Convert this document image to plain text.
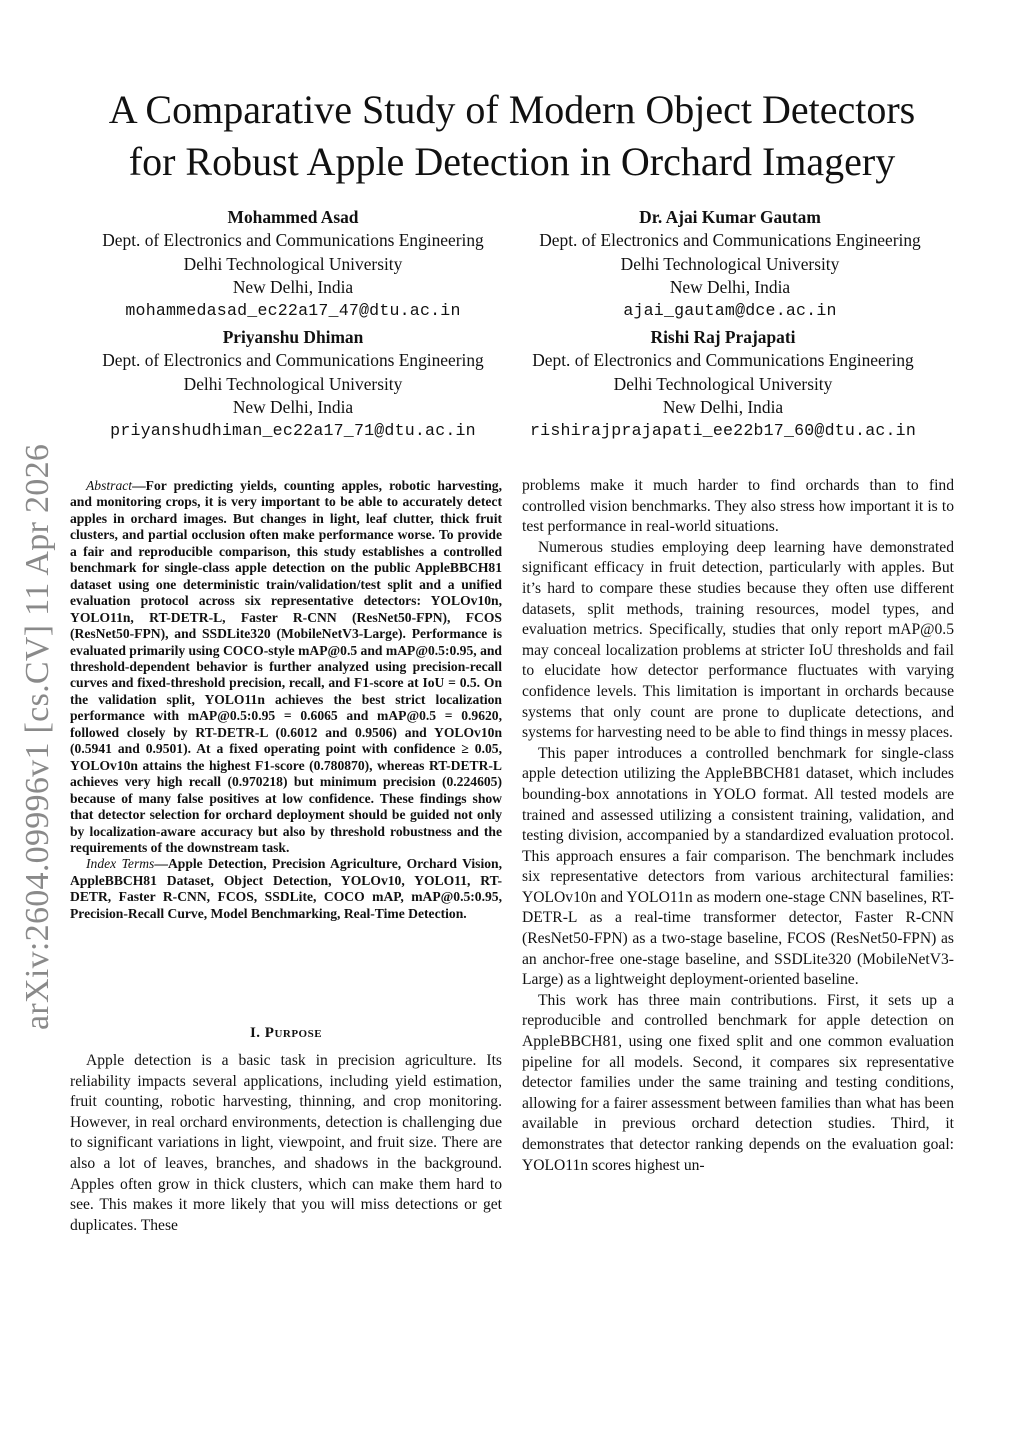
A Comparative Study of Modern Object Detectors
for Robust Apple Detection in Orchard Imagery
Mohammed Asad
Dept. of Electronics and Communications Engineering
Delhi Technological University
New Delhi, India
mohammedasad_ec22a17_47@dtu.ac.in
Dr. Ajai Kumar Gautam
Dept. of Electronics and Communications Engineering
Delhi Technological University
New Delhi, India
ajai_gautam@dce.ac.in
Priyanshu Dhiman
Dept. of Electronics and Communications Engineering
Delhi Technological University
New Delhi, India
priyanshudhiman_ec22a17_71@dtu.ac.in
Rishi Raj Prajapati
Dept. of Electronics and Communications Engineering
Delhi Technological University
New Delhi, India
rishirajprajapati_ee22b17_60@dtu.ac.in
arXiv:2604.09996v1 [cs.CV] 11 Apr 2026	Abstract—For predicting yields, counting apples, robotic harvesting, and monitoring crops, it is very important to be able to accurately detect apples in orchard images. But changes in light, leaf clutter, thick fruit clusters, and partial occlusion often make performance worse. To provide a fair and reproducible comparison, this study establishes a controlled benchmark for single-class apple detection on the public AppleBBCH81 dataset using one deterministic train/validation/test split and a unified evaluation protocol across six representative detectors: YOLOv10n, YOLO11n, RT-DETR-L, Faster R-CNN (ResNet50-FPN), FCOS (ResNet50-FPN), and SSDLite320 (MobileNetV3-Large). Performance is evaluated primarily using COCO-style mAP@0.5 and mAP@0.5:0.95, and threshold-dependent behavior is further analyzed using precision-recall curves and fixed-threshold precision, recall, and F1-score at IoU = 0.5. On the validation split, YOLO11n achieves the best strict localization performance with mAP@0.5:0.95 = 0.6065 and mAP@0.5 = 0.9620, followed closely by RT-DETR-L (0.6012 and 0.9506) and YOLOv10n (0.5941 and 0.9501). At a fixed operating point with confidence ≥ 0.05, YOLOv10n attains the highest F1-score (0.780870), whereas RT-DETR-L achieves very high recall (0.970218) but minimum precision (0.224605) because of many false positives at low confidence. These findings show that detector selection for orchard deployment should be guided not only by localization-aware accuracy but also by threshold robustness and the requirements of the downstream task.

Index Terms—Apple Detection, Precision Agriculture, Orchard Vision, AppleBBCH81 Dataset, Object Detection, YOLOv10, YOLO11, RT-DETR, Faster R-CNN, FCOS, SSDLite, COCO mAP, mAP@0.5:0.95, Precision-Recall Curve, Model Benchmarking, Real-Time Detection.

I. Purpose

Apple detection is a basic task in precision agriculture. Its reliability impacts several applications, including yield estimation, fruit counting, robotic harvesting, thinning, and crop monitoring. However, in real orchard environments, detection is challenging due to significant variations in light, viewpoint, and fruit size. There are also a lot of leaves, branches, and shadows in the background. Apples often grow in thick clusters, which can make them hard to see. This makes it more likely that you will miss detections or get duplicates. These

problems make it much harder to find orchards than to find controlled vision benchmarks. They also stress how important it is to test performance in real-world situations.

Numerous studies employing deep learning have demonstrated significant efficacy in fruit detection, particularly with apples. But it’s hard to compare these studies because they often use different datasets, split methods, training resources, model types, and evaluation metrics. Specifically, studies that only report mAP@0.5 may conceal localization problems at stricter IoU thresholds and fail to elucidate how detector performance fluctuates with varying confidence levels. This limitation is important in orchards because systems that only count are prone to duplicate detections, and systems for harvesting need to be able to find things in messy places.

This paper introduces a controlled benchmark for single-class apple detection utilizing the AppleBBCH81 dataset, which includes bounding-box annotations in YOLO format. All tested models are trained and assessed utilizing a consistent training, validation, and testing division, accompanied by a standardized evaluation protocol. This approach ensures a fair comparison. The benchmark includes six representative detectors from various architectural families: YOLOv10n and YOLO11n as modern one-stage CNN baselines, RT-DETR-L as a real-time transformer detector, Faster R-CNN (ResNet50-FPN) as a two-stage baseline, FCOS (ResNet50-FPN) as an anchor-free one-stage baseline, and SSDLite320 (MobileNetV3-Large) as a lightweight deployment-oriented baseline.

This work has three main contributions. First, it sets up a reproducible and controlled benchmark for apple detection on AppleBBCH81, using one fixed split and one common evaluation pipeline for all models. Second, it compares six representative detector families under the same training and testing conditions, allowing for a fairer assessment between families than what has been available in previous orchard detection studies. Third, it demonstrates that detector ranking depends on the evaluation goal: YOLO11n scores highest un-
